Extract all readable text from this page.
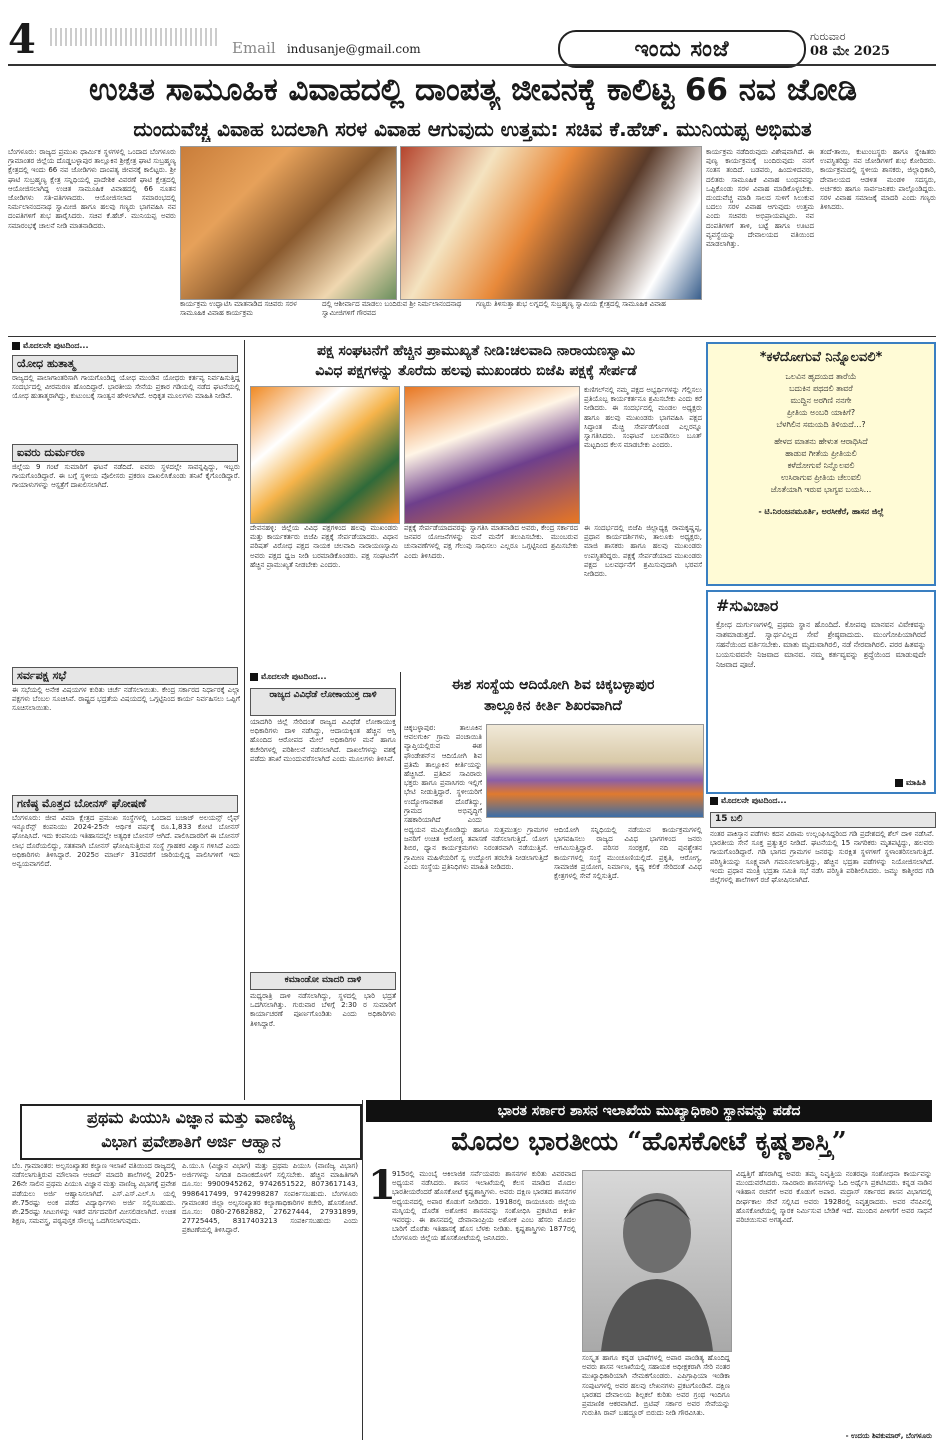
4	Email indusanje@gmail.com	ಇಂದು ಸಂಜೆ	ಗುರುವಾರ
08 ಮೇ 2025
ಉಚಿತ ಸಾಮೂಹಿಕ ವಿವಾಹದಲ್ಲಿ ದಾಂಪತ್ಯ ಜೀವನಕ್ಕೆ ಕಾಲಿಟ್ಟ 66 ನವ ಜೋಡಿ
ದುಂದುವೆಚ್ಚ ವಿವಾಹ ಬದಲಾಗಿ ಸರಳ ವಿವಾಹ ಆಗುವುದು ಉತ್ತಮ: ಸಚಿವ ಕೆ.ಹೆಚ್. ಮುನಿಯಪ್ಪ ಅಭಿಮತ
ಬೆಂಗಳೂರು: ರಾಜ್ಯದ ಪ್ರಮುಖ ಧಾರ್ಮಿಕ ಸ್ಥಳಗಳಲ್ಲಿ ಒಂದಾದ ಬೆಂಗಳೂರು ಗ್ರಾಮಾಂತರ ಜಿಲ್ಲೆಯ ದೊಡ್ಡಬಳ್ಳಾಪುರ ತಾಲ್ಲೂಕಿನ ಶ್ರೀಕ್ಷೇತ್ರ ಘಾಟಿ ಸುಬ್ರಹ್ಮಣ್ಯ ಕ್ಷೇತ್ರದಲ್ಲಿ ಇಂದು 66 ನವ ಜೋಡಿಗಳು ದಾಂಪತ್ಯ ಜೀವನಕ್ಕೆ ಕಾಲಿಟ್ಟರು. ಶ್ರೀ ಘಾಟಿ ಸುಬ್ರಹ್ಮಣ್ಯ ಕ್ಷೇತ್ರ ಸನ್ನಿಧಿಯಲ್ಲಿ ಪ್ರಾದೇಶಿಕ ವಿವರಣೆ ಘಾಟಿ ಕ್ಷೇತ್ರದಲ್ಲಿ ಆಯೋಜಿಸಲಾಗಿದ್ದ ಉಚಿತ ಸಾಮೂಹಿಕ ವಿವಾಹದಲ್ಲಿ 66 ನೂತನ ಜೋಡಿಗಳು ಸತಿ-ಪತಿಗಳಾದರು. ಆಯೋಜಿಸಲಾದ ಸಮಾರಂಭದಲ್ಲಿ ನಿರ್ಮಲಾನಂದನಾಥ ಸ್ವಾಮೀಜಿ ಹಾಗೂ ಹಲವು ಗಣ್ಯರು ಭಾಗವಹಿಸಿ ನವ ದಂಪತಿಗಳಿಗೆ ಶುಭ ಹಾರೈಸಿದರು. ಸಚಿವ ಕೆ.ಹೆಚ್. ಮುನಿಯಪ್ಪ ಅವರು ಸಮಾರಂಭಕ್ಕೆ ಚಾಲನೆ ನೀಡಿ ಮಾತನಾಡಿದರು.
ಕಾರ್ಯಕ್ರಮ ಉದ್ಘಾಟಿಸಿ ಮಾತನಾಡಿದ ಸಚಿವರು ಸರಳ ಸಾಮೂಹಿಕ ವಿವಾಹ ಕಾರ್ಯಕ್ರಮ
ದಲ್ಲಿ ಆಶೀರ್ವಾದ ಮಾಡಲು ಬಂದಿರುವ ಶ್ರೀ ನಿರ್ಮಲಾನಂದನಾಥ ಸ್ವಾಮೀಜಿಗಳಿಗೆ ಗೌರವದ
ಗಣ್ಯರು ತಿಳಿಸುತ್ತಾ ಶುಭ ಲಗ್ನದಲ್ಲಿ ಸುಬ್ರಹ್ಮಣ್ಯ ಸ್ವಾಮಿಯ ಕ್ಷೇತ್ರದಲ್ಲಿ ಸಾಮೂಹಿಕ ವಿವಾಹ
ಕಾರ್ಯಕ್ರಮ ನಡೆದಿರುವುದು ವಿಶೇಷವಾಗಿದೆ. ಈ ಪುಣ್ಯ ಕಾರ್ಯಕ್ರಮಕ್ಕೆ ಬಂದಿರುವುದು ನನಗೆ ಸಂತಸ ತಂದಿದೆ. ಬಡವರು, ಹಿಂದುಳಿದವರು, ದಲಿತರು ಸಾಮೂಹಿಕ ವಿವಾಹ ಬಂಧನವನ್ನು ಒಪ್ಪಿಕೊಂಡು ಸರಳ ವಿವಾಹ ಮಾಡಿಕೊಳ್ಳಬೇಕು. ದುಂದುವೆಚ್ಚ ಮಾಡಿ ಸಾಲದ ಸುಳಿಗೆ ಸಿಲುಕುವ ಬದಲು ಸರಳ ವಿವಾಹ ಆಗುವುದು ಉತ್ತಮ ಎಂದು ಸಚಿವರು ಅಭಿಪ್ರಾಯಪಟ್ಟರು. ನವ ದಂಪತಿಗಳಿಗೆ ತಾಳಿ, ಬಟ್ಟೆ ಹಾಗೂ ಊಟದ ವ್ಯವಸ್ಥೆಯನ್ನು ದೇವಾಲಯದ ವತಿಯಿಂದ ಮಾಡಲಾಗಿತ್ತು.
ತಂದೆ-ತಾಯಿ, ಕುಟುಂಬಸ್ಥರು ಹಾಗೂ ಸ್ನೇಹಿತರು ಉಪಸ್ಥಿತರಿದ್ದು ನವ ಜೋಡಿಗಳಿಗೆ ಶುಭ ಕೋರಿದರು. ಕಾರ್ಯಕ್ರಮದಲ್ಲಿ ಸ್ಥಳೀಯ ಶಾಸಕರು, ಜಿಲ್ಲಾಧಿಕಾರಿ, ದೇವಾಲಯದ ಆಡಳಿತ ಮಂಡಳಿ ಸದಸ್ಯರು, ಅರ್ಚಕರು ಹಾಗೂ ಸಾರ್ವಜನಿಕರು ಪಾಲ್ಗೊಂಡಿದ್ದರು. ಸರಳ ವಿವಾಹ ಸಮಾಜಕ್ಕೆ ಮಾದರಿ ಎಂದು ಗಣ್ಯರು ತಿಳಿಸಿದರು.
ಮೊದಲನೇ ಪುಟದಿಂದ...
ಯೋಧ ಹುತಾತ್ಮ
ರಾಜ್ಯದಲ್ಲಿ ಪಾಲಾಗಾಂತರಿಸಾಗಿ ಗಾಯಗೊಂಡಿದ್ದ ಯೋಧ ಮುಂಡಿನ ಯೋಧರು ಕರ್ತವ್ಯ ನಿರ್ವಹಿಸುತ್ತಿದ್ದ ಸಂದರ್ಭದಲ್ಲಿ ವೀರಮರಣ ಹೊಂದಿದ್ದಾರೆ. ಭಾರತೀಯ ಸೇನೆಯ ಪ್ರಕಾರ ಗಡಿಯಲ್ಲಿ ನಡೆದ ಘಟನೆಯಲ್ಲಿ ಯೋಧ ಹುತಾತ್ಮರಾಗಿದ್ದು, ಕುಟುಂಬಕ್ಕೆ ಸಾಂತ್ವನ ಹೇಳಲಾಗಿದೆ. ಅಧಿಕೃತ ಮೂಲಗಳು ಮಾಹಿತಿ ನೀಡಿವೆ.
ಐವರು ದುರ್ಮರಣ
ಜಿಲ್ಲೆಯ 9 ಗಂಟೆ ಸುಮಾರಿಗೆ ಘಟನೆ ನಡೆದಿದೆ. ಐವರು ಸ್ಥಳದಲ್ಲೇ ಸಾವನ್ನಪ್ಪಿದ್ದು, ಇಬ್ಬರು ಗಾಯಗೊಂಡಿದ್ದಾರೆ. ಈ ಬಗ್ಗೆ ಸ್ಥಳೀಯ ಪೊಲೀಸರು ಪ್ರಕರಣ ದಾಖಲಿಸಿಕೊಂಡು ತನಿಖೆ ಕೈಗೊಂಡಿದ್ದಾರೆ. ಗಾಯಾಳುಗಳನ್ನು ಆಸ್ಪತ್ರೆಗೆ ದಾಖಲಿಸಲಾಗಿದೆ.
ಸರ್ವಪಕ್ಷ ಸಭೆ
ಈ ಸಭೆಯಲ್ಲಿ ಅನೇಕ ವಿಷಯಗಳ ಕುರಿತು ಚರ್ಚೆ ನಡೆಸಲಾಯಿತು. ಕೇಂದ್ರ ಸರ್ಕಾರದ ನಿರ್ಧಾರಕ್ಕೆ ಎಲ್ಲಾ ಪಕ್ಷಗಳು ಬೆಂಬಲ ಸೂಚಿಸಿವೆ. ರಾಷ್ಟ್ರದ ಭದ್ರತೆಯ ವಿಷಯದಲ್ಲಿ ಒಗ್ಗಟ್ಟಿನಿಂದ ಕಾರ್ಯ ನಿರ್ವಹಿಸಲು ಒಪ್ಪಿಗೆ ಸೂಚಿಸಲಾಯಿತು.
ಗಣಿಷ್ಠ ಮೊತ್ತದ ಬೋನಸ್ ಘೋಷಣೆ
ಬೆಂಗಳೂರು: ಜೀವ ವಿಮಾ ಕ್ಷೇತ್ರದ ಪ್ರಮುಖ ಸಂಸ್ಥೆಗಳಲ್ಲಿ ಒಂದಾದ ಬಜಾಜ್ ಅಲಯನ್ಸ್ ಲೈಫ್ ಇನ್ಶೂರೆನ್ಸ್ ಕಂಪನಿಯು 2024-25ನೇ ಆರ್ಥಿಕ ವರ್ಷಕ್ಕೆ ರೂ.1,833 ಕೋಟಿ ಬೋನಸ್ ಘೋಷಿಸಿದೆ. ಇದು ಕಂಪನಿಯ ಇತಿಹಾಸದಲ್ಲೇ ಅತ್ಯಧಿಕ ಬೋನಸ್ ಆಗಿದೆ. ಪಾಲಿಸಿದಾರರಿಗೆ ಈ ಬೋನಸ್ ಲಾಭ ದೊರೆಯಲಿದ್ದು, ಸತತವಾಗಿ ಬೋನಸ್ ಘೋಷಿಸುತ್ತಿರುವ ಸಂಸ್ಥೆ ಗ್ರಾಹಕರ ವಿಶ್ವಾಸ ಗಳಿಸಿದೆ ಎಂದು ಅಧಿಕಾರಿಗಳು ತಿಳಿಸಿದ್ದಾರೆ. 2025ರ ಮಾರ್ಚ್ 31ರವರೆಗೆ ಜಾರಿಯಲ್ಲಿದ್ದ ಪಾಲಿಸಿಗಳಿಗೆ ಇದು ಅನ್ವಯವಾಗಲಿದೆ.
ಪಕ್ಷ ಸಂಘಟನೆಗೆ ಹೆಚ್ಚಿನ ಪ್ರಾಮುಖ್ಯತೆ ನೀಡಿ:ಚಲವಾದಿ ನಾರಾಯಣಸ್ವಾಮಿ
ವಿವಿಧ ಪಕ್ಷಗಳನ್ನು ತೊರೆದು ಹಲವು ಮುಖಂಡರು ಬಿಜೆಪಿ ಪಕ್ಷಕ್ಕೆ ಸೇರ್ಪಡೆ
ಕುಣಿಗಲ್‌ನಲ್ಲಿ ನಮ್ಮ ಪಕ್ಷದ ಅಭ್ಯರ್ಥಿಗಳನ್ನು ಗೆಲ್ಲಿಸಲು ಪ್ರತಿಯೊಬ್ಬ ಕಾರ್ಯಕರ್ತನೂ ಶ್ರಮಿಸಬೇಕು ಎಂದು ಕರೆ ನೀಡಿದರು. ಈ ಸಂದರ್ಭದಲ್ಲಿ ಮಂಡಲ ಅಧ್ಯಕ್ಷರು ಹಾಗೂ ಹಲವು ಮುಖಂಡರು ಭಾಗವಹಿಸಿ ಪಕ್ಷದ ಸಿದ್ಧಾಂತ ಮೆಚ್ಚಿ ಸೇರ್ಪಡೆಗೊಂಡ ಎಲ್ಲರನ್ನೂ ಸ್ವಾಗತಿಸಿದರು. ಸಂಘಟನೆ ಬಲಪಡಿಸಲು ಬೂತ್ ಮಟ್ಟದಿಂದ ಕೆಲಸ ಮಾಡಬೇಕು ಎಂದರು.
ದೇವನಹಳ್ಳಿ: ಜಿಲ್ಲೆಯ ವಿವಿಧ ಪಕ್ಷಗಳಿಂದ ಹಲವು ಮುಖಂಡರು ಮತ್ತು ಕಾರ್ಯಕರ್ತರು ಬಿಜೆಪಿ ಪಕ್ಷಕ್ಕೆ ಸೇರ್ಪಡೆಯಾದರು. ವಿಧಾನ ಪರಿಷತ್ ವಿರೋಧ ಪಕ್ಷದ ನಾಯಕ ಚಲವಾದಿ ನಾರಾಯಣಸ್ವಾಮಿ ಅವರು ಪಕ್ಷದ ಧ್ವಜ ನೀಡಿ ಬರಮಾಡಿಕೊಂಡರು. ಪಕ್ಷ ಸಂಘಟನೆಗೆ ಹೆಚ್ಚಿನ ಪ್ರಾಮುಖ್ಯತೆ ನೀಡಬೇಕು ಎಂದರು.
ಪಕ್ಷಕ್ಕೆ ಸೇರ್ಪಡೆಯಾದವರನ್ನು ಸ್ವಾಗತಿಸಿ ಮಾತನಾಡಿದ ಅವರು, ಕೇಂದ್ರ ಸರ್ಕಾರದ ಜನಪರ ಯೋಜನೆಗಳನ್ನು ಮನೆ ಮನೆಗೆ ತಲುಪಿಸಬೇಕು. ಮುಂಬರುವ ಚುನಾವಣೆಗಳಲ್ಲಿ ಪಕ್ಷ ಗೆಲುವು ಸಾಧಿಸಲು ಎಲ್ಲರೂ ಒಗ್ಗಟ್ಟಿನಿಂದ ಶ್ರಮಿಸಬೇಕು ಎಂದು ತಿಳಿಸಿದರು.
ಈ ಸಂದರ್ಭದಲ್ಲಿ ಬಿಜೆಪಿ ಜಿಲ್ಲಾಧ್ಯಕ್ಷ ರಾಮಕೃಷ್ಣಪ್ಪ, ಪ್ರಧಾನ ಕಾರ್ಯದರ್ಶಿಗಳು, ತಾಲೂಕು ಅಧ್ಯಕ್ಷರು, ಮಾಜಿ ಶಾಸಕರು ಹಾಗೂ ಹಲವು ಮುಖಂಡರು ಉಪಸ್ಥಿತರಿದ್ದರು. ಪಕ್ಷಕ್ಕೆ ಸೇರ್ಪಡೆಯಾದ ಮುಖಂಡರು ಪಕ್ಷದ ಬಲವರ್ಧನೆಗೆ ಶ್ರಮಿಸುವುದಾಗಿ ಭರವಸೆ ನೀಡಿದರು.
*ಕಳೆದೋಗುವೆ ನಿನ್ನೊಲವಲಿ*
ಒಲವಿನ ಹೃದಯದ ತಾರೆಯೆ
ಬದುಕಿನ ಪಥದಲಿ ತಾವರೆ
ಮುದ್ದಿನ ಅರಗಿಣಿ ನನಗೇ
ಪ್ರೀತಿಯ ಅಂಬರಿ ಯಾಕಿಗೆ?
ಬೆಳಗಿಲಿನ ಸಮಯದಿ ತಿಳಿಯದೆ...?
ಹೇಳದ ಮಾತನು ಹೇಳುತ ಆರಾಧಿಸಿದೆ
ಹಾಡುವ ಗೀತೆಯ ಪ್ರೀತಿಯಲಿ
ಕಳೆದೋಗುವೆ ನಿನ್ನೊಲವಲಿ
ಉಸಿರಾಗುವ ಪ್ರೀತಿಯ ಚೆಲುವಲಿ
ಜೊತೆಯಾಗಿ ಇರುವ ಭಾಗ್ಯವ ಬಯಸಿ...
- ಟಿ.ನಿರಂಜನಮೂರ್ತಿ, ಅರಸೀಕೆರೆ, ಹಾಸನ ಜಿಲ್ಲೆ
#ಸುವಿಚಾರ
ಕ್ರೋಧ ದುರ್ಗುಣಗಳಲ್ಲಿ ಪ್ರಥಮ ಸ್ಥಾನ ಹೊಂದಿದೆ. ಕೋಪವು ಮಾನವನ ವಿವೇಕವನ್ನು ನಾಶಮಾಡುತ್ತದೆ. ಸ್ವಾರ್ಥವಿಲ್ಲದ ಸೇವೆ ಶ್ರೇಷ್ಠವಾದುದು. ಮುಂಗೋಪಿಯಾಗಿರದೆ ಸಹನೆಯಿಂದ ವರ್ತಿಸಬೇಕು. ಮಾತು ಮೃದುವಾಗಿರಲಿ, ನಡೆ ನೇರವಾಗಿರಲಿ. ಪರರ ಹಿತವನ್ನು ಬಯಸುವವನೇ ನಿಜವಾದ ಮಾನವ. ನಮ್ಮ ಕರ್ತವ್ಯವನ್ನು ಶ್ರದ್ಧೆಯಿಂದ ಮಾಡುವುದೇ ನಿಜವಾದ ಪೂಜೆ.
ಮಾಹಿತಿ
ಮೊದಲನೇ ಪುಟದಿಂದ...
ರಾಜ್ಯದ ವಿವಿಧೆಡೆ ಲೋಕಾಯುಕ್ತ ದಾಳಿ
ಯಾದಗಿರಿ ಜಿಲ್ಲೆ ಸೇರಿದಂತೆ ರಾಜ್ಯದ ವಿವಿಧೆಡೆ ಲೋಕಾಯುಕ್ತ ಅಧಿಕಾರಿಗಳು ದಾಳಿ ನಡೆಸಿದ್ದು, ಆದಾಯಕ್ಕಿಂತ ಹೆಚ್ಚಿನ ಆಸ್ತಿ ಹೊಂದಿದ ಆರೋಪದ ಮೇಲೆ ಅಧಿಕಾರಿಗಳ ಮನೆ ಹಾಗೂ ಕಚೇರಿಗಳಲ್ಲಿ ಪರಿಶೀಲನೆ ನಡೆಸಲಾಗಿದೆ. ದಾಖಲೆಗಳನ್ನು ವಶಕ್ಕೆ ಪಡೆದು ತನಿಖೆ ಮುಂದುವರೆಸಲಾಗಿದೆ ಎಂದು ಮೂಲಗಳು ತಿಳಿಸಿವೆ.
ಕಮಾಂಡೋ ಮಾದರಿ ದಾಳಿ
ಮಧ್ಯರಾತ್ರಿ ದಾಳಿ ನಡೆಸಲಾಗಿದ್ದು, ಸ್ಥಳದಲ್ಲಿ ಭಾರಿ ಭದ್ರತೆ ಒದಗಿಸಲಾಗಿತ್ತು. ಗುರುವಾರ ಬೆಳಿಗ್ಗೆ 2:30 ರ ಸುಮಾರಿಗೆ ಕಾರ್ಯಾಚರಣೆ ಪೂರ್ಣಗೊಂಡಿತು ಎಂದು ಅಧಿಕಾರಿಗಳು ತಿಳಿಸಿದ್ದಾರೆ.
ಈಶ ಸಂಸ್ಥೆಯ ಆದಿಯೋಗಿ ಶಿವ ಚಿಕ್ಕಬಳ್ಳಾಪುರ
ತಾಲ್ಲೂಕಿನ ಕೀರ್ತಿ ಶಿಖರವಾಗಿದೆ
ಚಿಕ್ಕಬಳ್ಳಾಪುರ: ತಾಲೂಕಿನ ಆವಲಗುರ್ಕಿ ಗ್ರಾಮ ಪಂಚಾಯಿತಿ ವ್ಯಾಪ್ತಿಯಲ್ಲಿರುವ ಈಶ ಫೌಂಡೇಶನ್‌ನ ಆದಿಯೋಗಿ ಶಿವ ಪ್ರತಿಮೆ ತಾಲ್ಲೂಕಿನ ಕೀರ್ತಿಯನ್ನು ಹೆಚ್ಚಿಸಿದೆ. ಪ್ರತಿದಿನ ಸಾವಿರಾರು ಭಕ್ತರು ಹಾಗೂ ಪ್ರವಾಸಿಗರು ಇಲ್ಲಿಗೆ ಭೇಟಿ ನೀಡುತ್ತಿದ್ದಾರೆ. ಸ್ಥಳೀಯರಿಗೆ ಉದ್ಯೋಗಾವಕಾಶ ದೊರೆತಿದ್ದು, ಗ್ರಾಮದ ಅಭಿವೃದ್ಧಿಗೆ ಸಹಕಾರಿಯಾಗಿದೆ ಎಂದು
ಅಧ್ಯಯನ ಮಮ್ಮಿಕೊಂಡಿದ್ದು ಹಾಗೂ ಸುತ್ತಮುತ್ತಲ ಗ್ರಾಮಗಳ ಜನರಿಗೆ ಉಚಿತ ಆರೋಗ್ಯ ತಪಾಸಣೆ ನಡೆಸಲಾಗುತ್ತಿದೆ. ಯೋಗ ಶಿಬಿರ, ಧ್ಯಾನ ಕಾರ್ಯಕ್ರಮಗಳು ನಿರಂತರವಾಗಿ ನಡೆಯುತ್ತಿವೆ. ಗ್ರಾಮೀಣ ಮಹಿಳೆಯರಿಗೆ ಸ್ವ ಉದ್ಯೋಗ ತರಬೇತಿ ನೀಡಲಾಗುತ್ತಿದೆ ಎಂದು ಸಂಸ್ಥೆಯ ಪ್ರತಿನಿಧಿಗಳು ಮಾಹಿತಿ ನೀಡಿದರು.
ಆದಿಯೋಗಿ ಸನ್ನಿಧಿಯಲ್ಲಿ ನಡೆಯುವ ಕಾರ್ಯಕ್ರಮಗಳಲ್ಲಿ ಭಾಗವಹಿಸಲು ರಾಜ್ಯದ ವಿವಿಧ ಭಾಗಗಳಿಂದ ಜನರು ಆಗಮಿಸುತ್ತಿದ್ದಾರೆ. ಪರಿಸರ ಸಂರಕ್ಷಣೆ, ನದಿ ಪುನಶ್ಚೇತನ ಕಾರ್ಯಗಳಲ್ಲಿ ಸಂಸ್ಥೆ ಮುಂಚೂಣಿಯಲ್ಲಿದೆ. ಪ್ರಕೃತಿ, ಆರೋಗ್ಯ, ಸಾಮಾಜಿಕ ಪ್ರಯೋಗ, ನಿರ್ಮಾಣ, ಕೃಷ್ಣ ಕಲಿಕೆ ಸೇರಿದಂತೆ ವಿವಿಧ ಕ್ಷೇತ್ರಗಳಲ್ಲಿ ಸೇವೆ ಸಲ್ಲಿಸುತ್ತಿದೆ.
ಮೊದಲನೇ ಪುಟದಿಂದ...
15 ಬಲಿ
ನಂತರ ಪಾಕಿಸ್ತಾನ ಪಡೆಗಳು ಕದನ ವಿರಾಮ ಉಲ್ಲಂಘಿಸಿದ್ದರಿಂದ ಗಡಿ ಪ್ರದೇಶದಲ್ಲಿ ಶೆಲ್ ದಾಳಿ ನಡೆಸಿವೆ. ಭಾರತೀಯ ಸೇನೆ ಸೂಕ್ತ ಪ್ರತ್ಯುತ್ತರ ನೀಡಿದೆ. ಘಟನೆಯಲ್ಲಿ 15 ನಾಗರಿಕರು ಮೃತಪಟ್ಟಿದ್ದು, ಹಲವರು ಗಾಯಗೊಂಡಿದ್ದಾರೆ. ಗಡಿ ಭಾಗದ ಗ್ರಾಮಗಳ ಜನರನ್ನು ಸುರಕ್ಷಿತ ಸ್ಥಳಗಳಿಗೆ ಸ್ಥಳಾಂತರಿಸಲಾಗುತ್ತಿದೆ. ಪರಿಸ್ಥಿತಿಯನ್ನು ಸೂಕ್ಷ್ಮವಾಗಿ ಗಮನಿಸಲಾಗುತ್ತಿದ್ದು, ಹೆಚ್ಚಿನ ಭದ್ರತಾ ಪಡೆಗಳನ್ನು ನಿಯೋಜಿಸಲಾಗಿದೆ. ಇಂದು ಪ್ರಧಾನ ಮಂತ್ರಿ ಭದ್ರತಾ ಸಮಿತಿ ಸಭೆ ನಡೆಸಿ ಪರಿಸ್ಥಿತಿ ಪರಿಶೀಲಿಸಿದರು. ಜಮ್ಮು ಕಾಶ್ಮೀರದ ಗಡಿ ಜಿಲ್ಲೆಗಳಲ್ಲಿ ಶಾಲೆಗಳಿಗೆ ರಜೆ ಘೋಷಿಸಲಾಗಿದೆ.
ಭಾರತ ಸರ್ಕಾರ ಶಾಸನ ಇಲಾಖೆಯ ಮುಖ್ಯಾಧಿಕಾರಿ ಸ್ಥಾನವನ್ನು ಪಡೆದ
ಮೊದಲ ಭಾರತೀಯ “ಹೊಸಕೋಟೆ ಕೃಷ್ಣಶಾಸ್ತ್ರಿ”
1
915ರಲ್ಲಿ ಮುಂಬೈ ಆಕಿಲಾಜಿಕ ಸರ್ವೆಯವರು ಶಾಸನಗಳ ಕುರಿತು ವಿವರವಾದ ಅಧ್ಯಯನ ನಡೆಸಿದರು. ಶಾಸನ ಇಲಾಖೆಯಲ್ಲಿ ಕೆಲಸ ಮಾಡಿದ ಮೊದಲ ಭಾರತೀಯರೆಂದರೆ ಹೊಸಕೋಟೆ ಕೃಷ್ಣಶಾಸ್ತ್ರಿಗಳು. ಅವರು ದಕ್ಷಿಣ ಭಾರತದ ಶಾಸನಗಳ ಅಧ್ಯಯನದಲ್ಲಿ ಅಪಾರ ಕೊಡುಗೆ ನೀಡಿದರು. 1918ರಲ್ಲಿ ರಾಯಚೂರು ಜಿಲ್ಲೆಯ ಮಸ್ಕಿಯಲ್ಲಿ ದೊರೆತ ಅಶೋಕನ ಶಾಸನವನ್ನು ಸಂಶೋಧಿಸಿ ಪ್ರಕಟಿಸಿದ ಕೀರ್ತಿ ಇವರದ್ದು. ಈ ಶಾಸನದಲ್ಲಿ ದೇವಾನಾಂಪ್ರಿಯ ಅಶೋಕ ಎಂಬ ಹೆಸರು ಮೊದಲ ಬಾರಿಗೆ ದೊರೆತು ಇತಿಹಾಸಕ್ಕೆ ಹೊಸ ಬೆಳಕು ನೀಡಿತು. ಕೃಷ್ಣಶಾಸ್ತ್ರಿಗಳು 1877ರಲ್ಲಿ ಬೆಂಗಳೂರು ಜಿಲ್ಲೆಯ ಹೊಸಕೋಟೆಯಲ್ಲಿ ಜನಿಸಿದರು.
ಸಂಸ್ಕೃತ ಹಾಗೂ ಕನ್ನಡ ಭಾಷೆಗಳಲ್ಲಿ ಅಪಾರ ಪಾಂಡಿತ್ಯ ಹೊಂದಿದ್ದ ಅವರು ಶಾಸನ ಇಲಾಖೆಯಲ್ಲಿ ಸಹಾಯಕ ಅಧೀಕ್ಷಕರಾಗಿ ಸೇರಿ ನಂತರ ಮುಖ್ಯಾಧಿಕಾರಿಯಾಗಿ ನೇಮಕಗೊಂಡರು. ಎಪಿಗ್ರಾಫಿಯಾ ಇಂಡಿಕಾ ಸಂಪುಟಗಳಲ್ಲಿ ಅವರ ಹಲವು ಲೇಖನಗಳು ಪ್ರಕಟಗೊಂಡಿವೆ. ದಕ್ಷಿಣ ಭಾರತದ ದೇವಾಲಯ ಶಿಲ್ಪಕಲೆ ಕುರಿತು ಅವರ ಗ್ರಂಥ ಇಂದಿಗೂ ಪ್ರಮಾಣಿಕ ಆಕರವಾಗಿದೆ. ಬ್ರಿಟಿಷ್ ಸರ್ಕಾರ ಅವರ ಸೇವೆಯನ್ನು ಗುರುತಿಸಿ ರಾವ್ ಬಹದ್ದೂರ್ ಬಿರುದು ನೀಡಿ ಗೌರವಿಸಿತು.
ವಿದ್ವತ್ತಿಗೆ ಹೆಸರಾಗಿದ್ದ ಅವರು ತಮ್ಮ ನಿವೃತ್ತಿಯ ನಂತರವೂ ಸಂಶೋಧನಾ ಕಾರ್ಯವನ್ನು ಮುಂದುವರೆಸಿದರು. ಸಾವಿರಾರು ಶಾಸನಗಳನ್ನು ಓದಿ ಅರ್ಥೈಸಿ ಪ್ರಕಟಿಸಿದರು. ಕನ್ನಡ ನಾಡಿನ ಇತಿಹಾಸ ರಚನೆಗೆ ಅವರ ಕೊಡುಗೆ ಅಪಾರ. ಮದ್ರಾಸ್ ಸರ್ಕಾರದ ಶಾಸನ ವಿಭಾಗದಲ್ಲಿ ದೀರ್ಘಕಾಲ ಸೇವೆ ಸಲ್ಲಿಸಿದ ಅವರು 1928ರಲ್ಲಿ ನಿವೃತ್ತರಾದರು. ಅವರ ನೆನಪಿನಲ್ಲಿ ಹೊಸಕೋಟೆಯಲ್ಲಿ ಸ್ಮಾರಕ ನಿರ್ಮಿಸುವ ಬೇಡಿಕೆ ಇದೆ. ಮುಂದಿನ ಪೀಳಿಗೆಗೆ ಅವರ ಸಾಧನೆ ಪರಿಚಯಿಸುವ ಅಗತ್ಯವಿದೆ.
- ಉದಯ ಶಿವಕುಮಾರ್, ಬೆಂಗಳೂರು
ಪ್ರಥಮ ಪಿಯುಸಿ ವಿಜ್ಞಾನ ಮತ್ತು ವಾಣಿಜ್ಯ
ವಿಭಾಗ ಪ್ರವೇಶಾತಿಗೆ ಅರ್ಜಿ ಆಹ್ವಾನ
ಬೆಂ. ಗ್ರಾಮಾಂತರ: ಅಲ್ಪಸಂಖ್ಯಾತರ ಕಲ್ಯಾಣ ಇಲಾಖೆ ವತಿಯಿಂದ ರಾಜ್ಯದಲ್ಲಿ ನಡೆಸಲಾಗುತ್ತಿರುವ ಮೌಲಾನಾ ಆಜಾದ್ ಮಾದರಿ ಶಾಲೆಗಳಲ್ಲಿ 2025-26ನೇ ಸಾಲಿನ ಪ್ರಥಮ ಪಿಯುಸಿ ವಿಜ್ಞಾನ ಮತ್ತು ವಾಣಿಜ್ಯ ವಿಭಾಗಕ್ಕೆ ಪ್ರವೇಶ ಪಡೆಯಲು ಅರ್ಜಿ ಆಹ್ವಾನಿಸಲಾಗಿದೆ. ಎಸ್.ಎಸ್.ಎಲ್.ಸಿ ಯಲ್ಲಿ ಶೇ.75ರಷ್ಟು ಅಂಕ ಪಡೆದ ವಿದ್ಯಾರ್ಥಿಗಳು ಅರ್ಜಿ ಸಲ್ಲಿಸಬಹುದು. ಶೇ.25ರಷ್ಟು ಸೀಟುಗಳನ್ನು ಇತರೆ ವರ್ಗದವರಿಗೆ ಮೀಸಲಿಡಲಾಗಿದೆ. ಉಚಿತ ಶಿಕ್ಷಣ, ಸಮವಸ್ತ್ರ, ಪಠ್ಯಪುಸ್ತಕ ಸೌಲಭ್ಯ ಒದಗಿಸಲಾಗುವುದು.
ಪಿ.ಯು.ಸಿ (ವಿಜ್ಞಾನ ವಿಭಾಗ) ಮತ್ತು ಪ್ರಥಮ ಪಿಯುಸಿ (ವಾಣಿಜ್ಯ ವಿಭಾಗ) ಅರ್ಜಿಗಳನ್ನು ನಿಗದಿತ ದಿನಾಂಕದೊಳಗೆ ಸಲ್ಲಿಸಬೇಕು. ಹೆಚ್ಚಿನ ಮಾಹಿತಿಗಾಗಿ ದೂ.ಸಂ: 9900945262, 9742651522, 8073617143, 9986417499, 9742998287 ಸಂಪರ್ಕಿಸಬಹುದು. ಬೆಂಗಳೂರು ಗ್ರಾಮಾಂತರ ಜಿಲ್ಲಾ ಅಲ್ಪಸಂಖ್ಯಾತರ ಕಲ್ಯಾಣಾಧಿಕಾರಿಗಳ ಕಚೇರಿ, ಹೊಸಕೋಟೆ. ದೂ.ಸಂ: 080-27682882, 27627444, 27931899, 27725445, 8317403213 ಸಂಪರ್ಕಿಸಬಹುದು ಎಂದು ಪ್ರಕಟಣೆಯಲ್ಲಿ ತಿಳಿಸಿದ್ದಾರೆ.
